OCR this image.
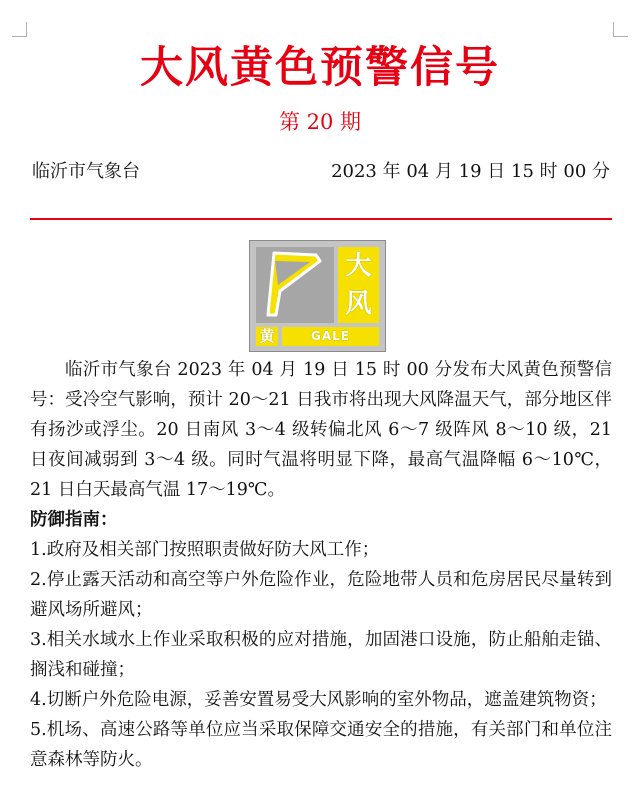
大风黄色预警信号
第 20 期
临沂市气象台	2023 年 04 月 19 日 15 时 00 分
大
风
黄	GALE

临沂市气象台 2023 年 04 月 19 日 15 时 00 分发布大风黄色预警信号：受冷空气影响，预计 20～21 日我市将出现大风降温天气，部分地区伴有扬沙或浮尘。20 日南风 3～4 级转偏北风 6～7 级阵风 8～10 级，21 日夜间减弱到 3～4 级。同时气温将明显下降，最高气温降幅 6～10℃，21 日白天最高气温 17～19℃。

防御指南：

1.政府及相关部门按照职责做好防大风工作；

2.停止露天活动和高空等户外危险作业，危险地带人员和危房居民尽量转到避风场所避风；

3.相关水域水上作业采取积极的应对措施，加固港口设施，防止船舶走锚、搁浅和碰撞；

4.切断户外危险电源，妥善安置易受大风影响的室外物品，遮盖建筑物资；

5.机场、高速公路等单位应当采取保障交通安全的措施，有关部门和单位注意森林等防火。
